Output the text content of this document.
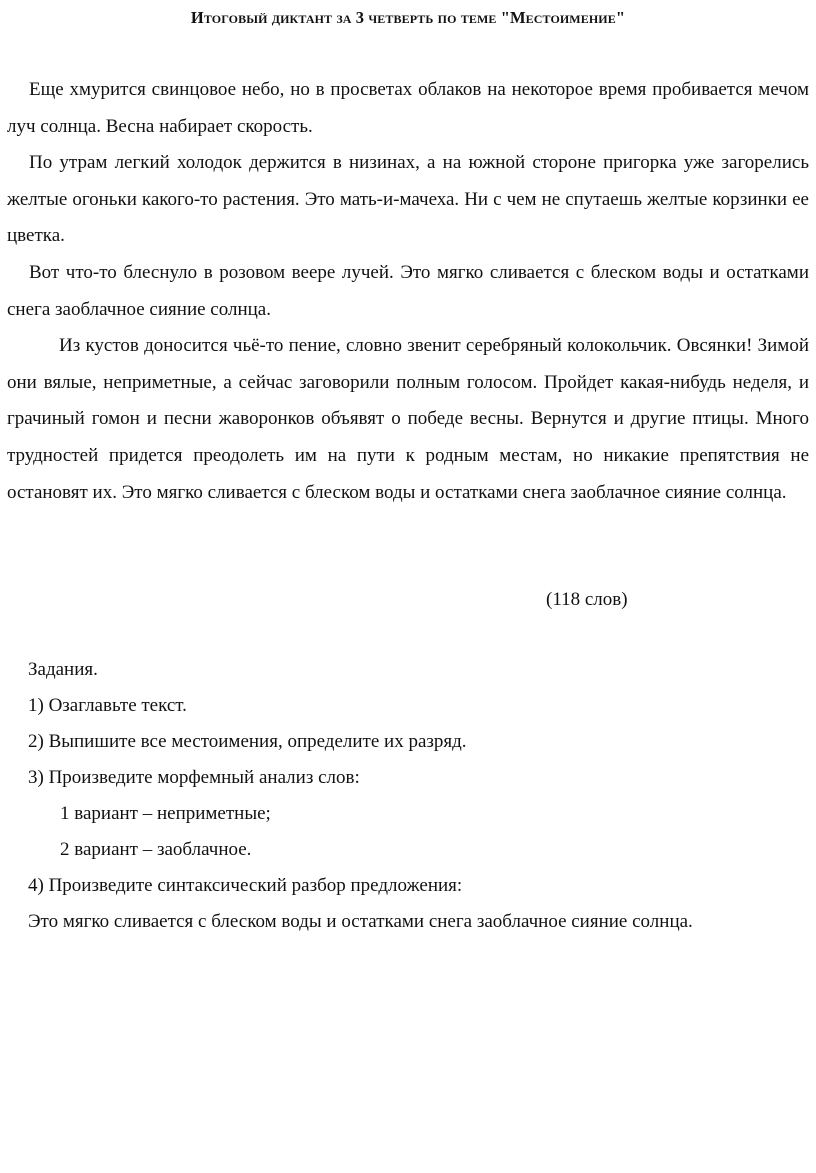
Итоговый диктант за 3 четверть по теме "Местоимение"

Еще хмурится свинцовое небо, но в просветах облаков на некоторое время пробивается мечом луч солнца. Весна набирает скорость.

По утрам легкий холодок держится в низинах, а на южной стороне пригорка уже загорелись желтые огоньки какого-то растения. Это мать-и-мачеха. Ни с чем не спутаешь желтые корзинки ее цветка.

Вот что-то блеснуло в розовом веере лучей. Это мягко сливается с блеском воды и остатками снега заоблачное сияние солнца.

Из кустов доносится чьё-то пение, словно звенит серебряный колокольчик. Овсянки! Зимой они вялые, неприметные, а сейчас заговорили полным голосом. Пройдет какая-нибудь неделя, и грачиный гомон и песни жаворонков объявят о победе весны. Вернутся и другие птицы. Много трудностей придется преодолеть им на пути к родным местам, но никакие препятствия не остановят их. Это мягко сливается с блеском воды и остатками снега заоблачное сияние солнца.

(118 слов)
Задания.
1) Озаглавьте текст.
2) Выпишите все местоимения, определите их разряд.
3) Произведите морфемный анализ слов:
1 вариант – неприметные;
2 вариант – заоблачное.
4) Произведите синтаксический разбор предложения:
Это мягко сливается с блеском воды и остатками снега заоблачное сияние солнца.
